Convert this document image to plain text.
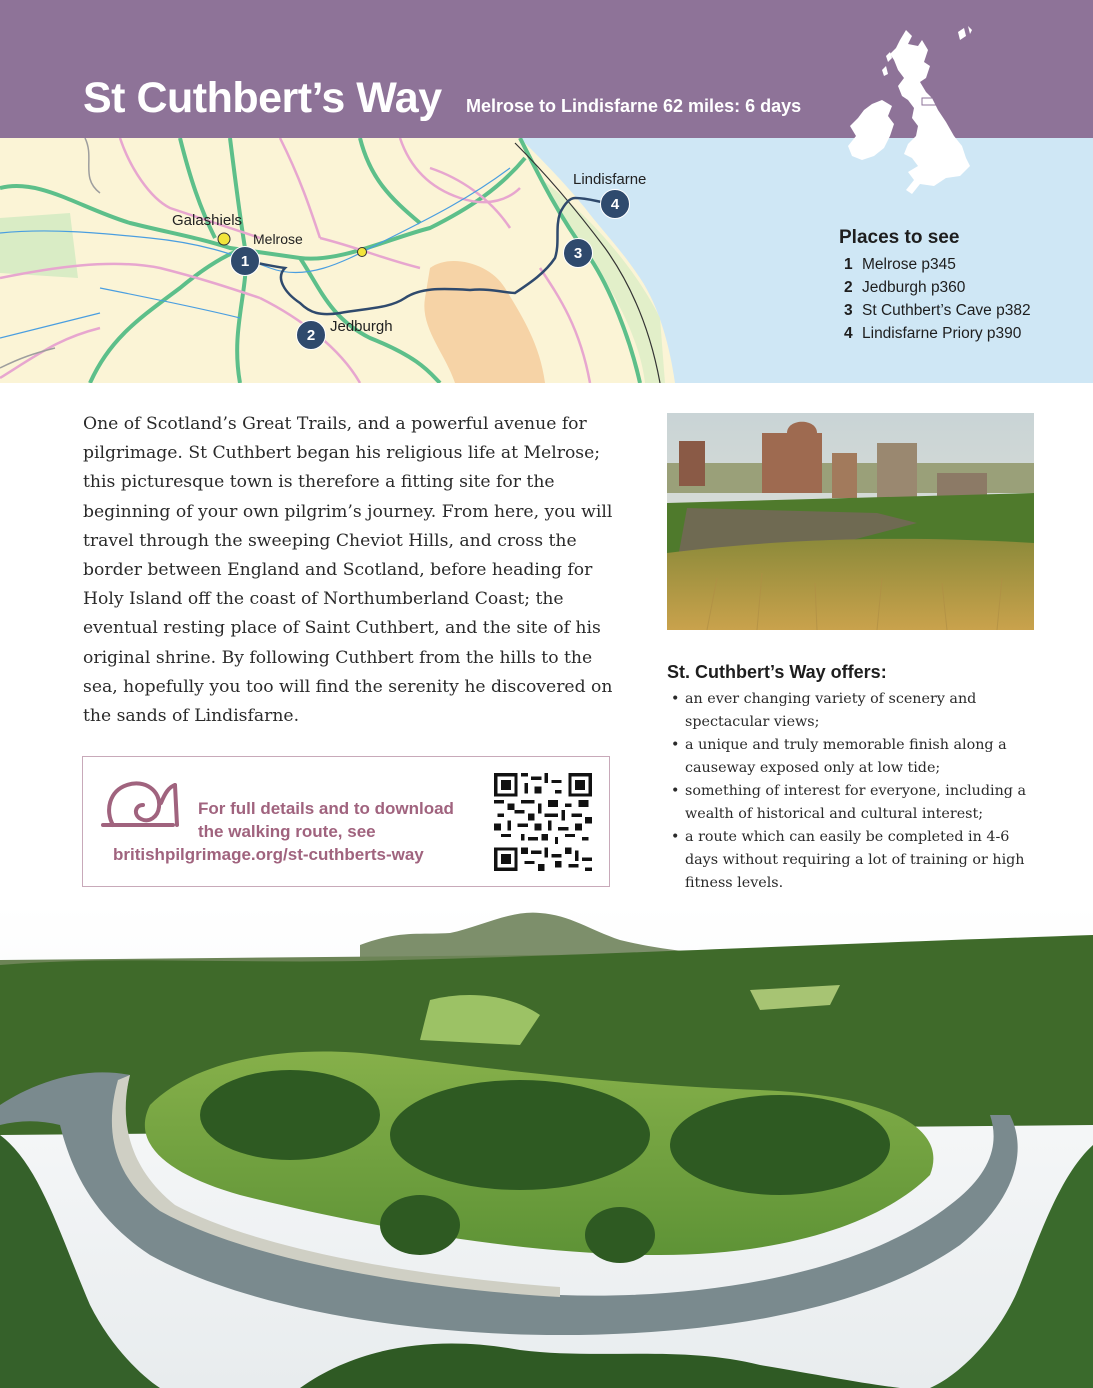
St Cuthbert’s Way Melrose to Lindisfarne 62 miles: 6 days
Galashiels
Melrose
Jedburgh
Lindisfarne
1
2
3
4
Places to see
1 Melrose p345
2 Jedburgh p360
3 St Cuthbert’s Cave p382
4 Lindisfarne Priory p390

One of Scotland’s Great Trails, and a powerful avenue for pilgrimage. St Cuthbert began his religious life at Melrose; this picturesque town is therefore a fitting site for the beginning of your own pilgrim’s journey. From here, you will travel through the sweeping Cheviot Hills, and cross the border between England and Scotland, before heading for Holy Island off the coast of Northumberland Coast; the eventual resting place of Saint Cuthbert, and the site of his original shrine. By following Cuthbert from the hills to the sea, hopefully you too will find the serenity he discovered on the sands of Lindisfarne.

St. Cuthbert’s Way offers:
• an ever changing variety of scenery and spectacular views;
• a unique and truly memorable finish along a causeway exposed only at low tide;
• something of interest for everyone, including a wealth of historical and cultural interest;
• a route which can easily be completed in 4-6 days without requiring a lot of training or high fitness levels.
For full details and to download
the walking route, see
britishpilgrimage.org/st-cuthberts-way
